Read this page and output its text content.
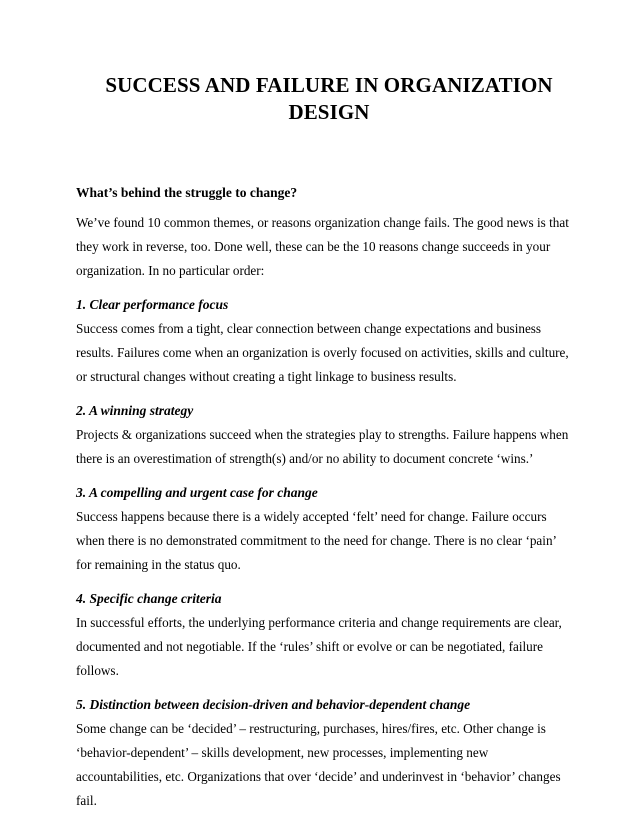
SUCCESS AND FAILURE IN ORGANIZATION DESIGN

What’s behind the struggle to change?

We’ve found 10 common themes, or reasons organization change fails. The good news is that they work in reverse, too. Done well, these can be the 10 reasons change succeeds in your organization. In no particular order:

1. Clear performance focus

Success comes from a tight, clear connection between change expectations and business results. Failures come when an organization is overly focused on activities, skills and culture, or structural changes without creating a tight linkage to business results.

2. A winning strategy

Projects & organizations succeed when the strategies play to strengths. Failure happens when there is an overestimation of strength(s) and/or no ability to document concrete ‘wins.’

3. A compelling and urgent case for change

Success happens because there is a widely accepted ‘felt’ need for change. Failure occurs when there is no demonstrated commitment to the need for change. There is no clear ‘pain’ for remaining in the status quo.

4. Specific change criteria

In successful efforts, the underlying performance criteria and change requirements are clear, documented and not negotiable. If the ‘rules’ shift or evolve or can be negotiated, failure follows.

5. Distinction between decision-driven and behavior-dependent change

Some change can be ‘decided’ – restructuring, purchases, hires/fires, etc. Other change is ‘behavior-dependent’ – skills development, new processes, implementing new accountabilities, etc. Organizations that over ‘decide’ and underinvest in ‘behavior’ changes fail.
